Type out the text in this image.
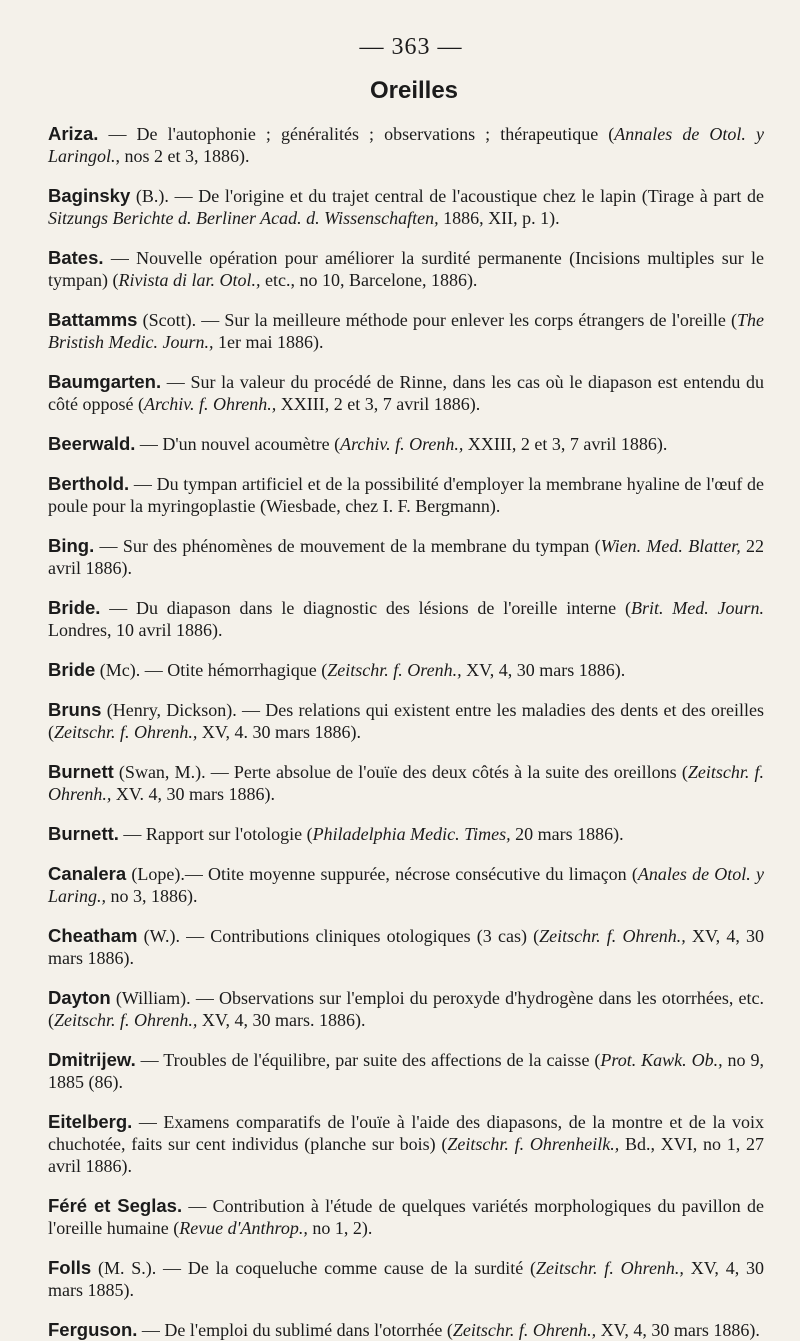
— 363 —
Oreilles

Ariza. — De l'autophonie ; généralités ; observations ; thérapeutique (Annales de Otol. y Laringol., nos 2 et 3, 1886).

Baginsky (B.). — De l'origine et du trajet central de l'acoustique chez le lapin (Tirage à part de Sitzungs Berichte d. Berliner Acad. d. Wissenschaften, 1886, XII, p. 1).

Bates. — Nouvelle opération pour améliorer la surdité permanente (Incisions multiples sur le tympan) (Rivista di lar. Otol., etc., no 10, Barcelone, 1886).

Battamms (Scott). — Sur la meilleure méthode pour enlever les corps étrangers de l'oreille (The Bristish Medic. Journ., 1er mai 1886).

Baumgarten. — Sur la valeur du procédé de Rinne, dans les cas où le diapason est entendu du côté opposé (Archiv. f. Ohrenh., XXIII, 2 et 3, 7 avril 1886).

Beerwald. — D'un nouvel acoumètre (Archiv. f. Orenh., XXIII, 2 et 3, 7 avril 1886).

Berthold. — Du tympan artificiel et de la possibilité d'employer la membrane hyaline de l'œuf de poule pour la myringoplastie (Wiesbade, chez I. F. Bergmann).

Bing. — Sur des phénomènes de mouvement de la membrane du tympan (Wien. Med. Blatter, 22 avril 1886).

Bride. — Du diapason dans le diagnostic des lésions de l'oreille interne (Brit. Med. Journ. Londres, 10 avril 1886).

Bride (Mc). — Otite hémorrhagique (Zeitschr. f. Orenh., XV, 4, 30 mars 1886).

Bruns (Henry, Dickson). — Des relations qui existent entre les maladies des dents et des oreilles (Zeitschr. f. Ohrenh., XV, 4. 30 mars 1886).

Burnett (Swan, M.). — Perte absolue de l'ouïe des deux côtés à la suite des oreillons (Zeitschr. f. Ohrenh., XV. 4, 30 mars 1886).

Burnett. — Rapport sur l'otologie (Philadelphia Medic. Times, 20 mars 1886).

Canalera (Lope).— Otite moyenne suppurée, nécrose consécutive du limaçon (Anales de Otol. y Laring., no 3, 1886).

Cheatham (W.). — Contributions cliniques otologiques (3 cas) (Zeitschr. f. Ohrenh., XV, 4, 30 mars 1886).

Dayton (William). — Observations sur l'emploi du peroxyde d'hydrogène dans les otorrhées, etc. (Zeitschr. f. Ohrenh., XV, 4, 30 mars. 1886).

Dmitrijew. — Troubles de l'équilibre, par suite des affections de la caisse (Prot. Kawk. Ob., no 9, 1885 (86).

Eitelberg. — Examens comparatifs de l'ouïe à l'aide des diapasons, de la montre et de la voix chuchotée, faits sur cent individus (planche sur bois) (Zeitschr. f. Ohrenheilk., Bd., XVI, no 1, 27 avril 1886).

Féré et Seglas. — Contribution à l'étude de quelques variétés morphologiques du pavillon de l'oreille humaine (Revue d'Anthrop., no 1, 2).

Folls (M. S.). — De la coqueluche comme cause de la surdité (Zeitschr. f. Ohrenh., XV, 4, 30 mars 1885).

Ferguson. — De l'emploi du sublimé dans l'otorrhée (Zeitschr. f. Ohrenh., XV, 4, 30 mars 1886).
